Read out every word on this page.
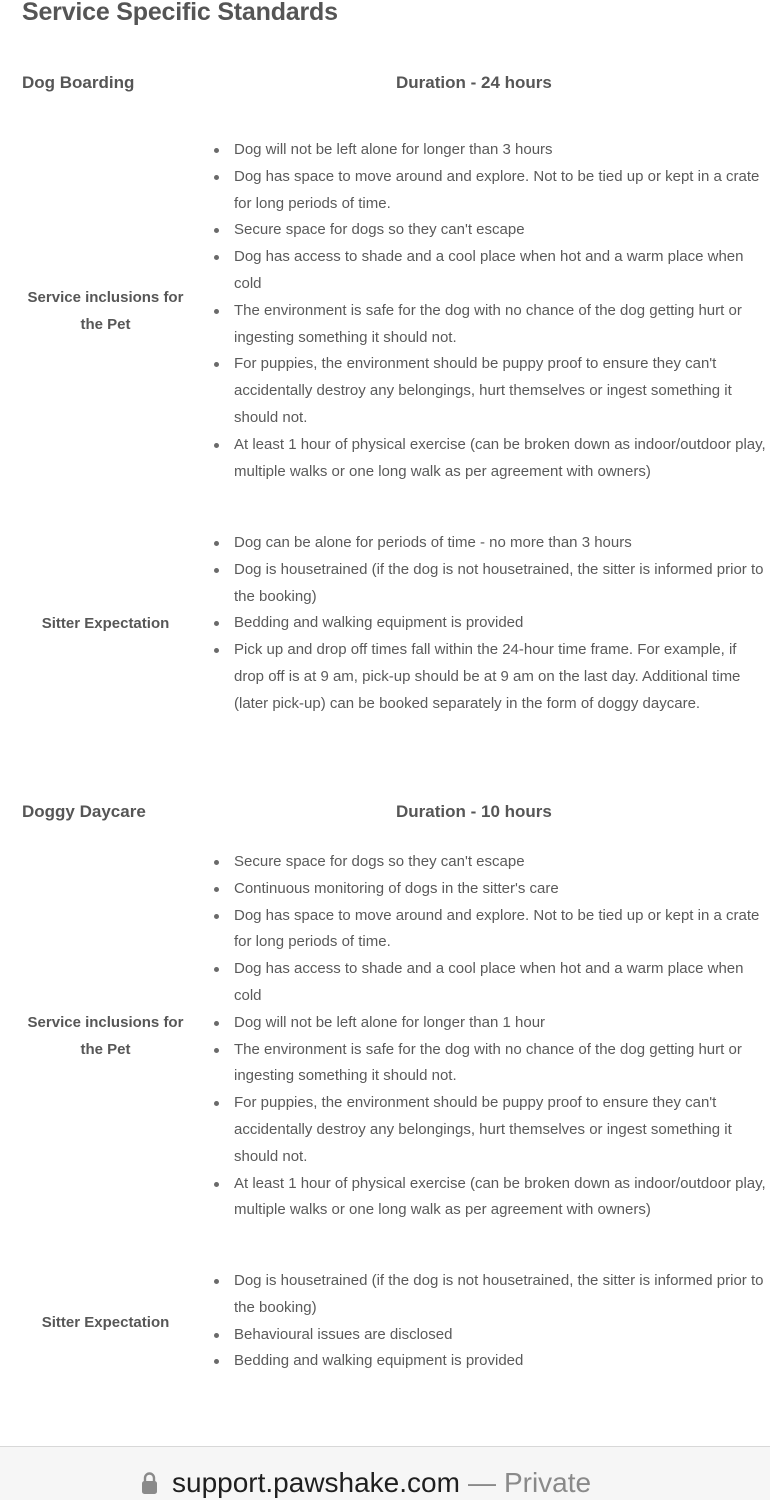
Service Specific Standards
Dog Boarding	Duration - 24 hours
Service inclusions for
the Pet
Dog will not be left alone for longer than 3 hours
Dog has space to move around and explore. Not to be tied up or kept in a crate for long periods of time.
Secure space for dogs so they can't escape
Dog has access to shade and a cool place when hot and a warm place when cold
The environment is safe for the dog with no chance of the dog getting hurt or ingesting something it should not.
For puppies, the environment should be puppy proof to ensure they can't accidentally destroy any belongings, hurt themselves or ingest something it should not.
At least 1 hour of physical exercise (can be broken down as indoor/outdoor play, multiple walks or one long walk as per agreement with owners)
Sitter Expectation
Dog can be alone for periods of time - no more than 3 hours
Dog is housetrained (if the dog is not housetrained, the sitter is informed prior to the booking)
Bedding and walking equipment is provided
Pick up and drop off times fall within the 24-hour time frame. For example, if drop off is at 9 am, pick-up should be at 9 am on the last day. Additional time (later pick-up) can be booked separately in the form of doggy daycare.
Doggy Daycare	Duration - 10 hours
Service inclusions for
the Pet
Secure space for dogs so they can't escape
Continuous monitoring of dogs in the sitter's care
Dog has space to move around and explore. Not to be tied up or kept in a crate for long periods of time.
Dog has access to shade and a cool place when hot and a warm place when cold
Dog will not be left alone for longer than 1 hour
The environment is safe for the dog with no chance of the dog getting hurt or ingesting something it should not.
For puppies, the environment should be puppy proof to ensure they can't accidentally destroy any belongings, hurt themselves or ingest something it should not.
At least 1 hour of physical exercise (can be broken down as indoor/outdoor play, multiple walks or one long walk as per agreement with owners)
Sitter Expectation
Dog is housetrained (if the dog is not housetrained, the sitter is informed prior to the booking)
Behavioural issues are disclosed
Bedding and walking equipment is provided
support.pawshake.com — Private
